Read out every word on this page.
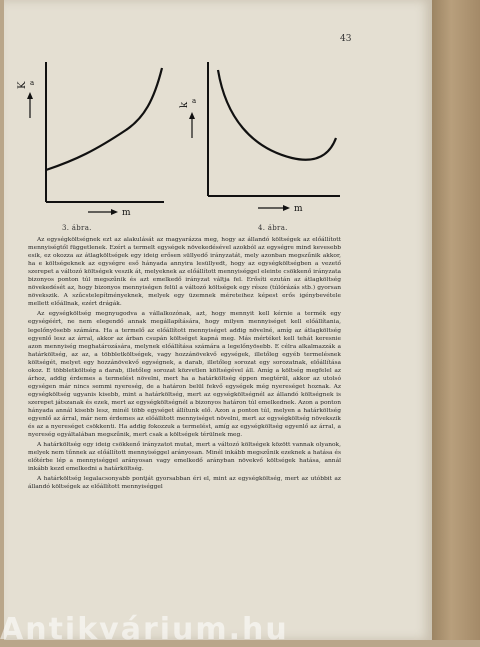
43
K a
m
3. ábra.
k a
m
4. ábra.

Az egységköltségnek ezt az alakulását az magyarázza meg, hogy az állandó költségek az előállított mennyiségtől függetlenek. Ezért a termelt egységek növekedésével azokból az egységre mind kevesebb esik, ez okozza az átlagköltségek egy ideig erősen süllyedő irányzatát, mely azonban megszűnik akkor, ha e költségeknek az egységre eső hányada annyira lesüllyedt, hogy az egységköltségben a vezető szerepet a változó költségek veszik át, melyeknek az előállított mennyiséggel eleinte csökkenő irányzata bizonyos ponton túl megszűnik és azt emelkedő irányzat váltja fel. Erősíti ezután az átlagköltség növekedését az, hogy bizonyos mennyiségen felül a változó költségek egy része (túlórázás stb.) gyorsan növekszik. A szűcstelepítményeknek, melyek egy üzemnek méreteihez képest erős igénybevétele mellett előállnak, ezért drágák.

Az egységköltség megnyugodva a vállalkozónak, azt, hogy mennyit kell kérnie a termék egy egységéért, ne nem elegendő annak megállapítására, hogy milyen mennyiséget kell előállítania, legelőnyösebb számára. Ha a termelő az előállított mennyiséget addig növelné, amíg az átlagköltség egyenlő lesz az árral, akkor az árban csupán költséget kapná meg. Más mértéket kell tehát keresnie azon mennyiség meghatározására, melynek előállítása számára a legelőnyösebb. E célra alkalmazzák a határköltség, az az, a többletköltségek, vagy hozzánövekvő egységek, illetőleg egyéb termelésnek költségét, melyet egy hozzánövekvő egységnek, a darab, illetőleg sorozat egy sorozatnak, előállítása okoz. E többletköltség a darab, illetőleg sorozat közvetlen költségével áll. Amíg a költség megfelel az árhoz, addig érdemes a termelést növelni, mert ha a határköltség éppen megtérül, akkor az utolsó egységen már nincs semmi nyereség, de a határon belül fekvő egységek még nyereséget hoznak. Az egységköltség ugyanis kisebb, mint a határköltség, mert az egységköltségnél az állandó költségnek is szerepet játszanak és ezek, mert az egységköltségnél a bizonyos határon túl emelkednek. Azon a ponton hányada annál kisebb lesz, minél több egységet állítunk elő. Azon a ponton túl, melyen a határköltség egyenlő az árral, már nem érdemes az előállított mennyiséget növelni, mert az egységköltség növekszik és az a nyereséget csökkenti. Ha addig fokozzuk a termelést, amíg az egységköltség egyenlő az árral, a nyereség egyáltalában megszűnik, mert csak a költségek térülnek meg.

A határköltség egy ideig csökkenő irányzatot mutat, mert a változó költségek között vannak olyanok, melyek nem tűnnek az előállított mennyiséggel arányosan. Minél inkább megszűnik ezeknek a hatása és előtérbe lép a mennyiséggel arányosan vagy emelkedő arányban növekvő költségek hatása, annál inkább kezd emelkedni a határköltség.

A határköltség legalacsonyabb pontját gyorsabban éri el, mint az egységköltség, mert az utóbbit az állandó költségek az előállított mennyiséggel

Antikvárium.hu
